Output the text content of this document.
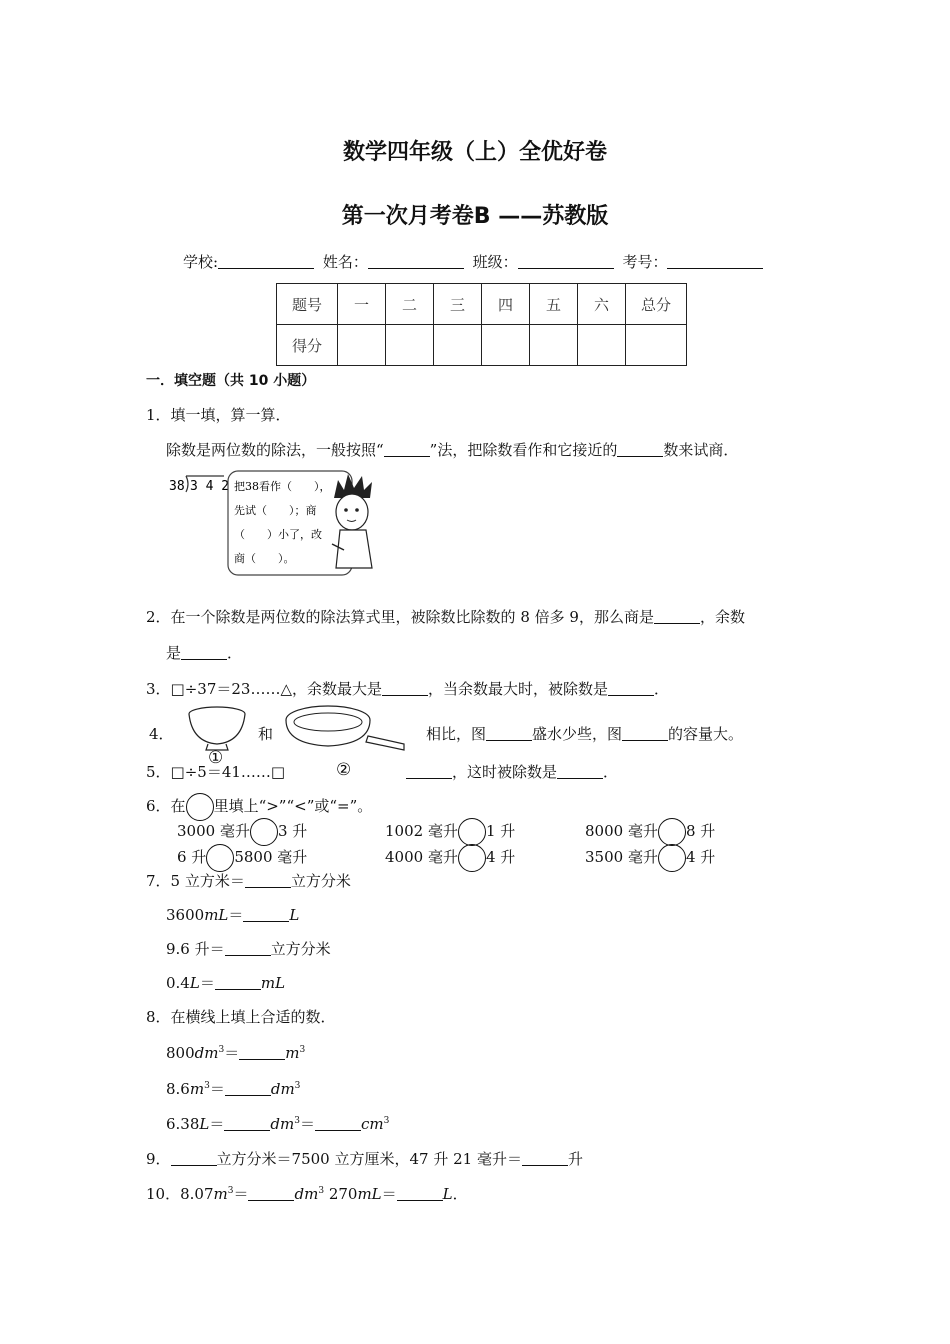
数学四年级（上）全优好卷
第一次月考卷B ——苏教版
学校:	姓名：	班级：	考号：
题号	一	二	三	四	五	六	总分
得分							
一．填空题（共 10 小题）
1．填一填，算一算．
除数是两位数的除法，一般按照“	”法，把除数看作和它接近的	数来试商．
38 3 4 2 把38看作（　　），
先试（　　）；商
（　　）小了，改
商（　　）。
2．在一个除数是两位数的除法算式里，被除数比除数的 8 倍多 9，那么商是	，余数
是	．
3．□÷37＝23……△，余数最大是	，当余数最大时，被除数是	．
4．
①
和
②
相比，图	盛水少些，图	的容量大。
5．□÷5＝41……□	，这时被除数是	．
6．在 里填上“>”“<”或“=”。
3000 毫升 3 升	1002 毫升 1 升	8000 毫升 8 升
6 升 5800 毫升	4000 毫升 4 升	3500 毫升 4 升
7．5 立方米＝	立方分米
3600mL＝	L
9.6 升＝	立方分米
0.4L＝	mL
8．在横线上填上合适的数．
$800dm^3=$	$m^3$
$8.6m^3=$	$dm^3$
6.38L＝	$dm^3=$	$cm^3$
9．	立方分米＝7500 立方厘米，47 升 21 毫升＝	升
10．$8.07m^3=$	$dm^3$ 270mL＝	L．
